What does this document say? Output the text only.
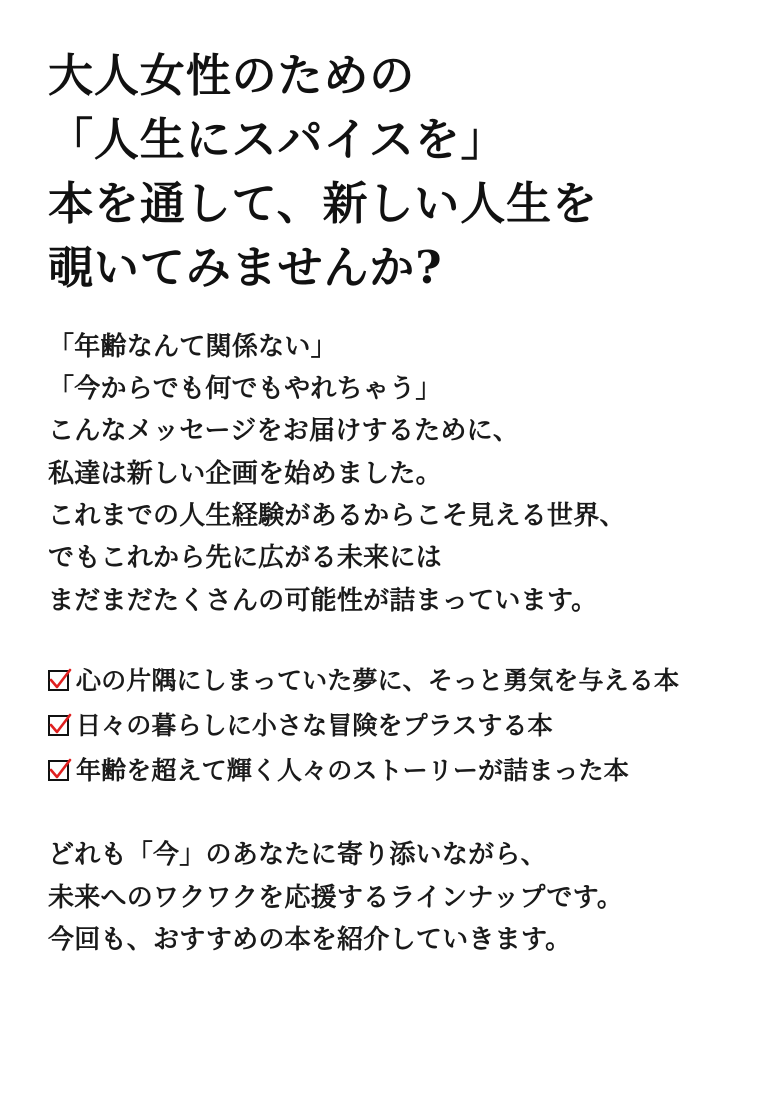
大人女性のための
「人生にスパイスを」
本を通して、新しい人生を
覗いてみませんか?

「年齢なんて関係ない」
「今からでも何でもやれちゃう」
こんなメッセージをお届けするために、
私達は新しい企画を始めました。
これまでの人生経験があるからこそ見える世界、
でもこれから先に広がる未来には
まだまだたくさんの可能性が詰まっています。

心の片隅にしまっていた夢に、そっと勇気を与える本
日々の暮らしに小さな冒険をプラスする本
年齢を超えて輝く人々のストーリーが詰まった本

どれも「今」のあなたに寄り添いながら、
未来へのワクワクを応援するラインナップです。
今回も、おすすめの本を紹介していきます。
